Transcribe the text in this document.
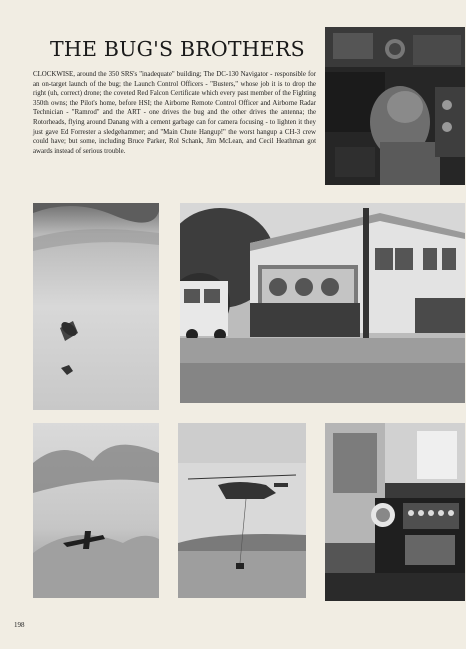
THE BUG'S BROTHERS

CLOCKWISE, around the 350 SRS's "inadequate" building; The DC-130 Navigator - responsible for an on-target launch of the bug; the Launch Control Officers - "Busters," whose job it is to drop the right (uh, correct) drone; the coveted Red Falcon Certificate which every past member of the Fighting 350th owns; the Pilot's home, before HSI; the Airborne Remote Control Officer and Airborne Radar Technician - "Ramrod" and the ART - one drives the bug and the other drives the antenna; the Rotorheads, flying around Danang with a cement garbage can for camera focusing - to lighten it they just gave Ed Forrester a sledgehammer; and "Main Chute Hangup!" the worst hangup a CH-3 crew could have; but some, including Bruce Parker, Rol Schank, Jim McLean, and Cecil Heathman got awards instead of serious trouble.

198
